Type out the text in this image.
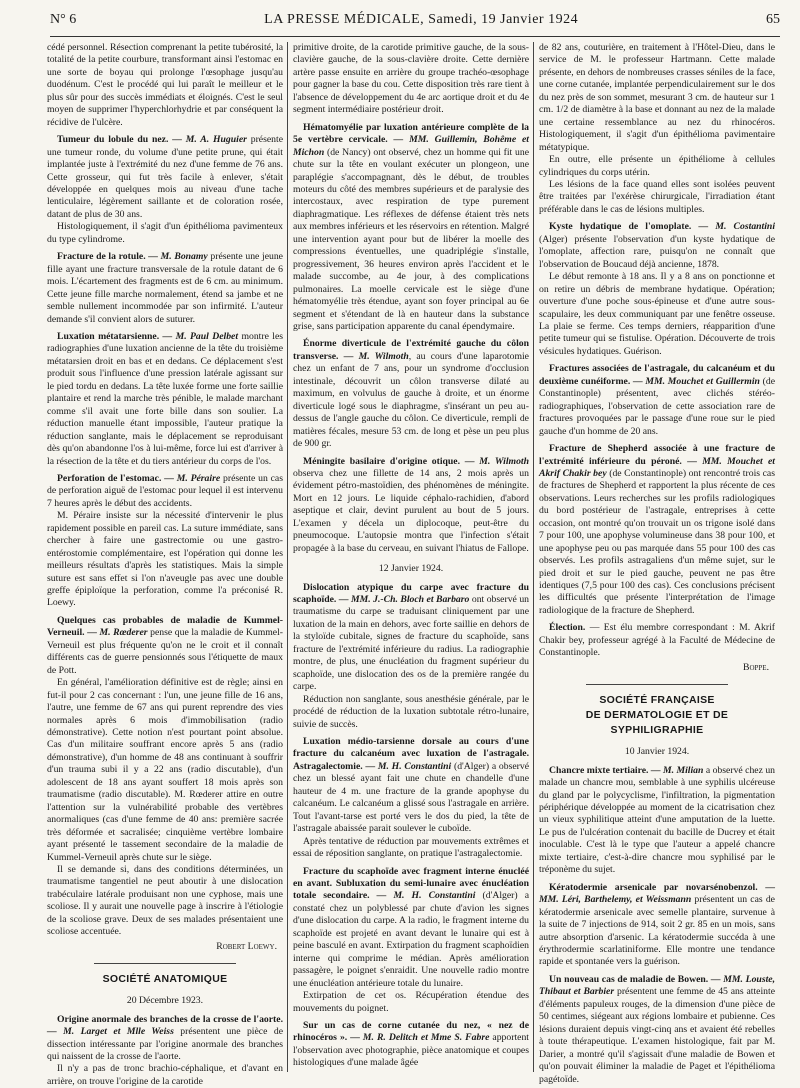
N° 6	LA PRESSE MÉDICALE, Samedi, 19 Janvier 1924	65

cédé personnel. Résection comprenant la petite tubérosité, la totalité de la petite courbure, transformant ainsi l'estomac en une sorte de boyau qui prolonge l'œsophage jusqu'au duodénum. C'est le procédé qui lui paraît le meilleur et le plus sûr pour des succès immédiats et éloignés. C'est le seul moyen de supprimer l'hyperchlorhydrie et par conséquent la récidive de l'ulcère.

Tumeur du lobule du nez. — M. A. Huguier présente une tumeur ronde, du volume d'une petite prune, qui était implantée juste à l'extrémité du nez d'une femme de 76 ans. Cette grosseur, qui fut très facile à enlever, s'était développée en quelques mois au niveau d'une tache lenticulaire, légèrement saillante et de coloration rosée, datant de plus de 30 ans.

Histologiquement, il s'agit d'un épithélioma pavimenteux du type cylindrome.

Fracture de la rotule. — M. Bonamy présente une jeune fille ayant une fracture transversale de la rotule datant de 6 mois. L'écartement des fragments est de 6 cm. au minimum. Cette jeune fille marche normalement, étend sa jambe et ne semble nullement incommodée par son infirmité. L'auteur demande s'il convient alors de suturer.

Luxation métatarsienne. — M. Paul Delbet montre les radiographies d'une luxation ancienne de la tête du troisième métatarsien droit en bas et en dedans. Ce déplacement s'est produit sous l'influence d'une pression latérale agissant sur le pied tordu en dedans. La tête luxée forme une forte saillie plantaire et rend la marche très pénible, le malade marchant comme s'il avait une forte bille dans son soulier. La réduction manuelle étant impossible, l'auteur pratique la réduction sanglante, mais le déplacement se reproduisant dès qu'on abandonne l'os à lui-même, force lui est d'arriver à la résection de la tête et du tiers antérieur du corps de l'os.

Perforation de l'estomac. — M. Péraire présente un cas de perforation aiguë de l'estomac pour lequel il est intervenu 7 heures après le début des accidents.

M. Péraire insiste sur la nécessité d'intervenir le plus rapidement possible en pareil cas. La suture immédiate, sans chercher à faire une gastrectomie ou une gastro-entérostomie complémentaire, est l'opération qui donne les meilleurs résultats d'après les statistiques. Mais la simple suture est sans effet si l'on n'aveugle pas avec une double greffe épiploïque la perforation, comme l'a préconisé R. Loewy.

Quelques cas probables de maladie de Kummel-Verneuil. — M. Rœderer pense que la maladie de Kummel-Verneuil est plus fréquente qu'on ne le croit et il connaît différents cas de guerre pensionnés sous l'étiquette de maux de Pott.

En général, l'amélioration définitive est de règle; ainsi en fut-il pour 2 cas concernant : l'un, une jeune fille de 16 ans, l'autre, une femme de 67 ans qui purent reprendre des vies normales après 6 mois d'immobilisation (radio démonstrative). Cette notion n'est pourtant point absolue. Cas d'un militaire souffrant encore après 5 ans (radio démonstrative), d'un homme de 48 ans continuant à souffrir d'un trauma subi il y a 22 ans (radio discutable), d'un adolescent de 18 ans ayant souffert 18 mois après son traumatisme (radio discutable). M. Rœderer attire en outre l'attention sur la vulnérabilité probable des vertèbres anormaliques (cas d'une femme de 40 ans: première sacrée très déformée et sacralisée; cinquième vertèbre lombaire ayant présenté le tassement secondaire de la maladie de Kummel-Verneuil après chute sur le siège.

Il se demande si, dans des conditions déterminées, un traumatisme tangentiel ne peut aboutir à une dislocation trabéculaire latérale produisant non une cyphose, mais une scoliose. Il y aurait une nouvelle page à inscrire à l'étiologie de la scoliose grave. Deux de ses malades présentaient une scoliose accentuée.

Robert Loewy.

SOCIÉTÉ ANATOMIQUE

20 Décembre 1923.

Origine anormale des branches de la crosse de l'aorte. — M. Larget et Mlle Weiss présentent une pièce de dissection intéressante par l'origine anormale des branches qui naissent de la crosse de l'aorte.

Il n'y a pas de tronc brachio-céphalique, et d'avant en arrière, on trouve l'origine de la carotide

primitive droite, de la carotide primitive gauche, de la sous-clavière gauche, de la sous-clavière droite. Cette dernière artère passe ensuite en arrière du groupe trachéo-œsophage pour gagner la base du cou. Cette disposition très rare tient à l'absence de développement du 4e arc aortique droit et du 4e segment intermédiaire postérieur droit.

Hématomyélie par luxation antérieure complète de la 5e vertèbre cervicale. — MM. Guillemin, Bohême et Michon (de Nancy) ont observé, chez un homme qui fit une chute sur la tête en voulant exécuter un plongeon, une paraplégie s'accompagnant, dès le début, de troubles moteurs du côté des membres supérieurs et de paralysie des intercostaux, avec respiration de type purement diaphragmatique. Les réflexes de défense étaient très nets aux membres inférieurs et les réservoirs en rétention. Malgré une intervention ayant pour but de libérer la moelle des compressions éventuelles, une quadriplégie s'installe, progressivement, 36 heures environ après l'accident et le malade succombe, au 4e jour, à des complications pulmonaires. La moelle cervicale est le siège d'une hématomyélie très étendue, ayant son foyer principal au 6e segment et s'étendant de là en hauteur dans la substance grise, sans participation apparente du canal épendymaire.

Énorme diverticule de l'extrémité gauche du côlon transverse. — M. Wilmoth, au cours d'une laparotomie chez un enfant de 7 ans, pour un syndrome d'occlusion intestinale, découvrit un côlon transverse dilaté au maximum, en volvulus de gauche à droite, et un énorme diverticule logé sous le diaphragme, s'insérant un peu au-dessus de l'angle gauche du côlon. Ce diverticule, rempli de matières fécales, mesure 53 cm. de long et pèse un peu plus de 900 gr.

Méningite basilaire d'origine otique. — M. Wilmoth observa chez une fillette de 14 ans, 2 mois après un évidement pétro-mastoïdien, des phénomènes de méningite. Mort en 12 jours. Le liquide céphalo-rachidien, d'abord aseptique et clair, devint purulent au bout de 5 jours. L'examen y décela un diplocoque, peut-être du pneumocoque. L'autopsie montra que l'infection s'était propagée à la base du cerveau, en suivant l'hiatus de Fallope.

12 Janvier 1924.

Dislocation atypique du carpe avec fracture du scaphoïde. — MM. J.-Ch. Bloch et Barbaro ont observé un traumatisme du carpe se traduisant cliniquement par une luxation de la main en dehors, avec forte saillie en dehors de la styloïde cubitale, signes de fracture du scaphoïde, sans fracture de l'extrémité inférieure du radius. La radiographie montre, de plus, une énucléation du fragment supérieur du scaphoïde, une dislocation des os de la première rangée du carpe.

Réduction non sanglante, sous anesthésie générale, par le procédé de réduction de la luxation subtotale rétro-lunaire, suivie de succès.

Luxation médio-tarsienne dorsale au cours d'une fracture du calcanéum avec luxation de l'astragale. Astragalectomie. — M. H. Constantini (d'Alger) a observé chez un blessé ayant fait une chute en chandelle d'une hauteur de 4 m. une fracture de la grande apophyse du calcanéum. Le calcanéum a glissé sous l'astragale en arrière. Tout l'avant-tarse est porté vers le dos du pied, la tête de l'astragale abaissée parait soulever le cuboïde.

Après tentative de réduction par mouvements extrêmes et essai de réposition sanglante, on pratique l'astragalectomie.

Fracture du scaphoïde avec fragment interne énucléé en avant. Subluxation du semi-lunaire avec énucléation totale secondaire. — M. H. Constantini (d'Alger) a constaté chez un polyblessé par chute d'avion les signes d'une dislocation du carpe. A la radio, le fragment interne du scaphoïde est projeté en avant devant le lunaire qui est à peine basculé en avant. Extirpation du fragment scaphoïdien interne qui comprime le médian. Après amélioration passagère, le poignet s'enraidit. Une nouvelle radio montre une énucléation antérieure totale du lunaire.

Extirpation de cet os. Récupération étendue des mouvements du poignet.

Sur un cas de corne cutanée du nez, « nez de rhinocéros ». — M. R. Delitch et Mme S. Fabre apportent l'observation avec photographie, pièce anatomique et coupes histologiques d'une malade âgée

de 82 ans, couturière, en traitement à l'Hôtel-Dieu, dans le service de M. le professeur Hartmann. Cette malade présente, en dehors de nombreuses crasses séniles de la face, une corne cutanée, implantée perpendiculairement sur le dos du nez près de son sommet, mesurant 3 cm. de hauteur sur 1 cm. 1/2 de diamètre à la base et donnant au nez de la malade une certaine ressemblance au nez du rhinocéros. Histologiquement, il s'agit d'un épithélioma pavimentaire métatypique.

En outre, elle présente un épithéliome à cellules cylindriques du corps utérin.

Les lésions de la face quand elles sont isolées peuvent être traitées par l'exérèse chirurgicale, l'irradiation étant préférable dans le cas de lésions multiples.

Kyste hydatique de l'omoplate. — M. Costantini (Alger) présente l'observation d'un kyste hydatique de l'omoplate, affection rare, puisqu'on ne connaît que l'observation de Boucaud déjà ancienne, 1878.

Le début remonte à 18 ans. Il y a 8 ans on ponctionne et on retire un débris de membrane hydatique. Opération; ouverture d'une poche sous-épineuse et d'une autre sous-scapulaire, les deux communiquant par une fenêtre osseuse. La plaie se ferme. Ces temps derniers, réapparition d'une petite tumeur qui se fistulise. Opération. Découverte de trois vésicules hydatiques. Guérison.

Fractures associées de l'astragale, du calcanéum et du deuxième cunéiforme. — MM. Mouchet et Guillermin (de Constantinople) présentent, avec clichés stéréo-radiographiques, l'observation de cette association rare de fractures provoquées par le passage d'une roue sur le pied gauche d'un homme de 20 ans.

Fracture de Shepherd associée à une fracture de l'extrémité inférieure du péroné. — MM. Mouchet et Akrif Chakir bey (de Constantinople) ont rencontré trois cas de fractures de Shepherd et rapportent la plus récente de ces observations. Leurs recherches sur les profils radiologiques du bord postérieur de l'astragale, entreprises à cette occasion, ont montré qu'on trouvait un os trigone isolé dans 7 pour 100, une apophyse volumineuse dans 38 pour 100, et une apophyse peu ou pas marquée dans 55 pour 100 des cas observés. Les profils astragaliens d'un même sujet, sur le pied droit et sur le pied gauche, peuvent ne pas être identiques (7,5 pour 100 des cas). Ces conclusions précisent les difficultés que présente l'interprétation de l'image radiologique de la fracture de Shepherd.

Élection. — Est élu membre correspondant : M. Akrif Chakir bey, professeur agrégé à la Faculté de Médecine de Constantinople.

Boppe.

SOCIÉTÉ FRANÇAISE

DE DERMATOLOGIE ET DE SYPHILIGRAPHIE

10 Janvier 1924.

Chancre mixte tertiaire. — M. Milian a observé chez un malade un chancre mou, semblable à une syphilis ulcéreuse du gland par le polycyclisme, l'infiltration, la pigmentation périphérique développée au moment de la cicatrisation chez un vieux syphilitique atteint d'une amputation de la luette. Le pus de l'ulcération contenait du bacille de Ducrey et était inoculable. C'est là le type que l'auteur a appelé chancre mixte tertiaire, c'est-à-dire chancre mou syphilisé par le tréponème du sujet.

Kératodermie arsenicale par novarsénobenzol. — MM. Léri, Barthelemy, et Weissmann présentent un cas de kératodermie arsenicale avec semelle plantaire, survenue à la suite de 7 injections de 914, soit 2 gr. 85 en un mois, sans autre absorption d'arsenic. La kératodermie succéda à une érythrodermie scarlatiniforme. Elle montre une tendance rapide et spontanée vers la guérison.

Un nouveau cas de maladie de Bowen. — MM. Louste, Thibaut et Barbier présentent une femme de 45 ans atteinte d'éléments papuleux rouges, de la dimension d'une pièce de 50 centimes, siégeant aux régions lombaire et pubienne. Ces lésions duraient depuis vingt-cinq ans et avaient été rebelles à toute thérapeutique. L'examen histologique, fait par M. Darier, a montré qu'il s'agissait d'une maladie de Bowen et qu'on pouvait éliminer la maladie de Paget et l'épithélioma pagétoïde.
